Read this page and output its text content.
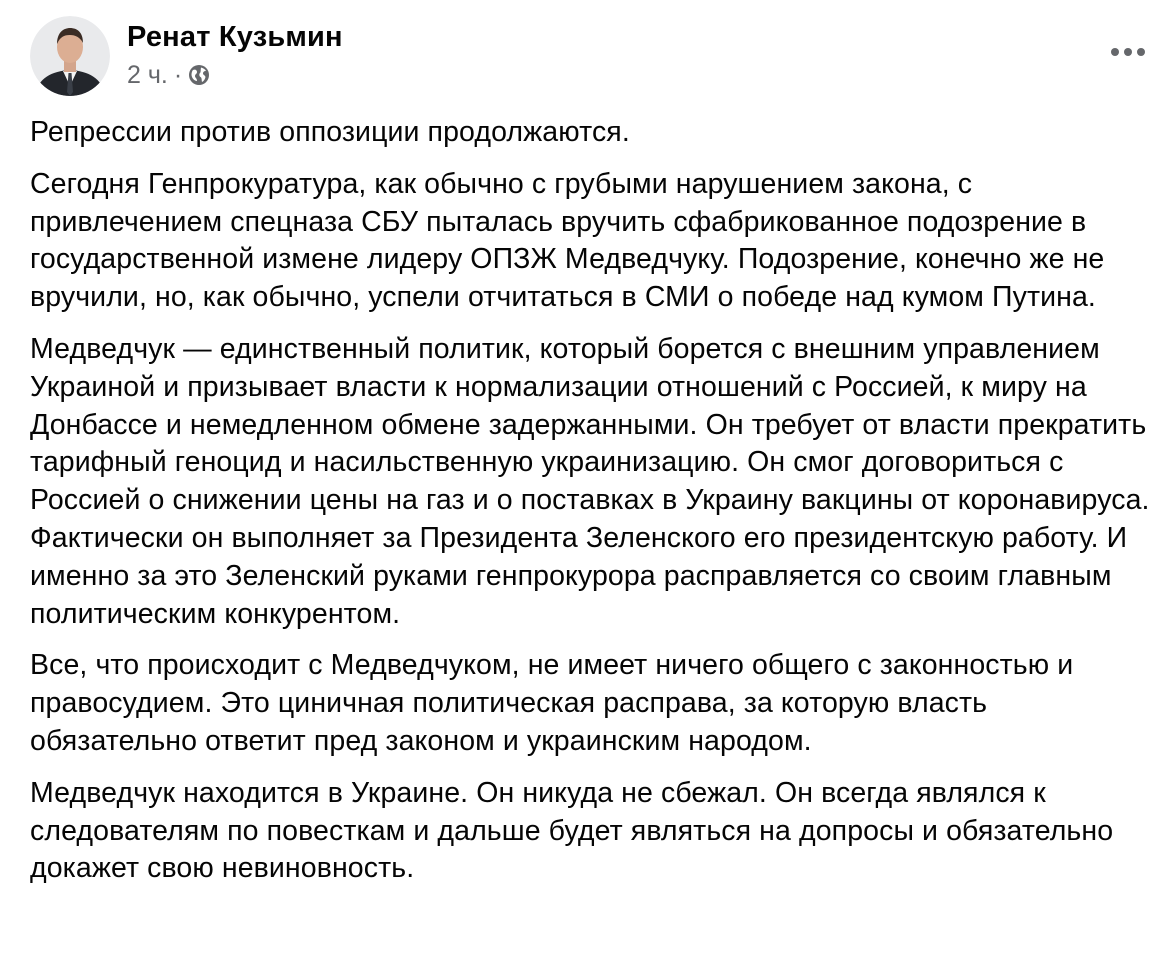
Ренат Кузьмин
2 ч. ·

Репрессии против оппозиции продолжаются.

Сегодня Генпрокуратура, как обычно с грубыми нарушением закона, с привлечением спецназа СБУ пыталась вручить сфабрикованное подозрение в государственной измене лидеру ОПЗЖ Медведчуку. Подозрение, конечно же не вручили, но, как обычно, успели отчитаться в СМИ о победе над кумом Путина.

Медведчук — единственный политик, который борется с внешним управлением Украиной и призывает власти к нормализации отношений с Россией, к миру на Донбассе и немедленном обмене задержанными. Он требует от власти прекратить тарифный геноцид и насильственную украинизацию. Он смог договориться с Россией о снижении цены на газ и о поставках в Украину вакцины от коронавируса. Фактически он выполняет за Президента Зеленского его президентскую работу. И именно за это Зеленский руками генпрокурора расправляется со своим главным политическим конкурентом.

Все, что происходит с Медведчуком, не имеет ничего общего с законностью и правосудием. Это циничная политическая расправа, за которую власть обязательно ответит пред законом и украинским народом.

Медведчук находится в Украине. Он никуда не сбежал. Он всегда являлся к следователям по повесткам и дальше будет являться на допросы и обязательно докажет свою невиновность.
